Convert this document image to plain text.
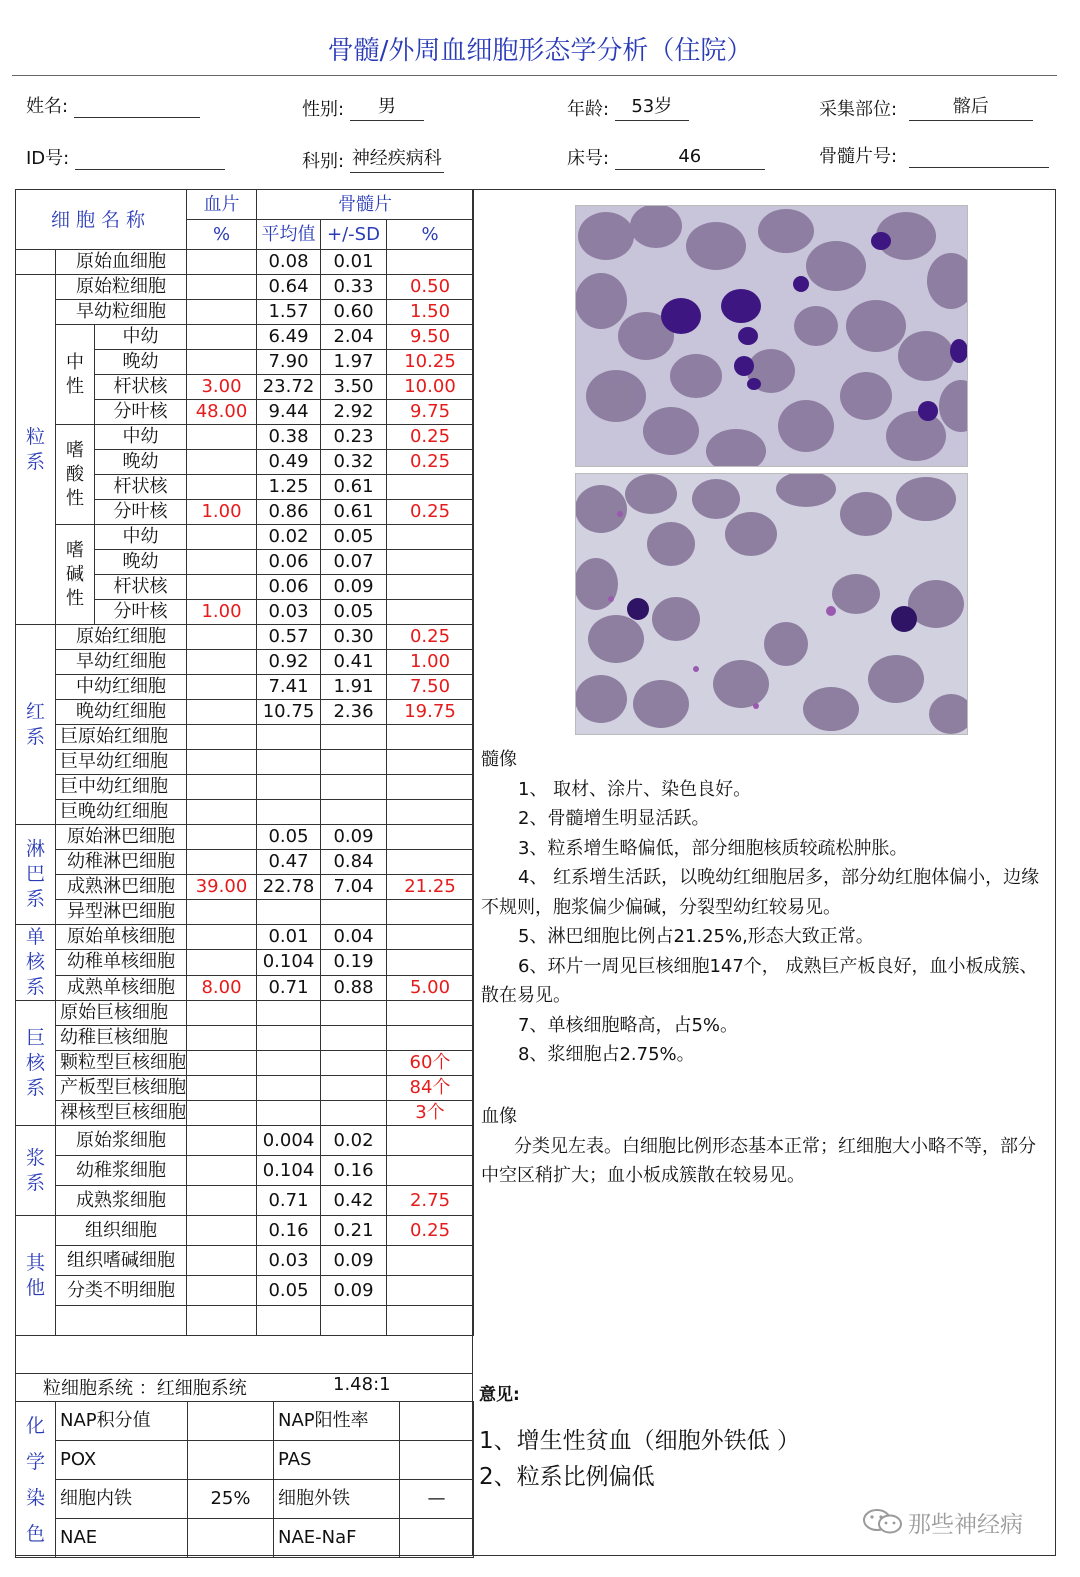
骨髓/外周血细胞形态学分析（住院）
姓名:	性别: 男	年龄: 53岁	采集部位:	髂后
ID号:	科别: 神经疾病科	床号:	46	骨髓片号:
细胞名称			血片	骨髓片		
			%	平均值	+/-SD	%
	原始血细胞			0.08	0.01	
粒系	原始粒细胞			0.64	0.33	0.50
	早幼粒细胞			1.57	0.60	1.50
	中性	中幼		6.49	2.04	9.50
		晚幼		7.90	1.97	10.25
		杆状核	3.00	23.72	3.50	10.00
		分叶核	48.00	9.44	2.92	9.75
	嗜酸性	中幼		0.38	0.23	0.25
		晚幼		0.49	0.32	0.25
		杆状核		1.25	0.61	
		分叶核	1.00	0.86	0.61	0.25
	嗜碱性	中幼		0.02	0.05	
		晚幼		0.06	0.07	
		杆状核		0.06	0.09	
		分叶核	1.00	0.03	0.05	
红系	原始红细胞			0.57	0.30	0.25
	早幼红细胞			0.92	0.41	1.00
	中幼红细胞			7.41	1.91	7.50
	晚幼红细胞			10.75	2.36	19.75
	巨原始红细胞					
	巨早幼红细胞					
	巨中幼红细胞					
	巨晚幼红细胞					
淋巴系	原始淋巴细胞			0.05	0.09	
	幼稚淋巴细胞			0.47	0.84	
	成熟淋巴细胞		39.00	22.78	7.04	21.25
	异型淋巴细胞					
单核系	原始单核细胞			0.01	0.04	
	幼稚单核细胞			0.104	0.19	
	成熟单核细胞		8.00	0.71	0.88	5.00
巨核系	原始巨核细胞					
	幼稚巨核细胞					
	颗粒型巨核细胞					60个
	产板型巨核细胞					84个
	裸核型巨核细胞					3个
浆系	原始浆细胞			0.004	0.02	
	幼稚浆细胞			0.104	0.16	
	成熟浆细胞			0.71	0.42	2.75
其他	组织细胞			0.16	0.21	0.25
	组织嗜碱细胞			0.03	0.09	
	分类不明细胞			0.05	0.09	

粒细胞系统 ：红细胞系统	1.48:1
化学染色	NAP积分值		NAP阳性率	
	POX		PAS	
	细胞内铁	25%	细胞外铁	—
	NAE		NAE-NaF	

髓像

1、 取材、涂片、染色良好。

2、骨髓增生明显活跃。

3、粒系增生略偏低，部分细胞核质较疏松肿胀。

4、 红系增生活跃，以晚幼红细胞居多，部分幼红胞体偏小，边缘不规则，胞浆偏少偏碱，分裂型幼红较易见。

5、淋巴细胞比例占21.25%,形态大致正常。

6、环片一周见巨核细胞147个， 成熟巨产板良好，血小板成簇、散在易见。

7、单核细胞略高，占5%。

8、浆细胞占2.75%。

血像

分类见左表。白细胞比例形态基本正常；红细胞大小略不等，部分中空区稍扩大；血小板成簇散在较易见。

意见:
1、增生性贫血（细胞外铁低 ）
2、粒系比例偏低
那些神经病
